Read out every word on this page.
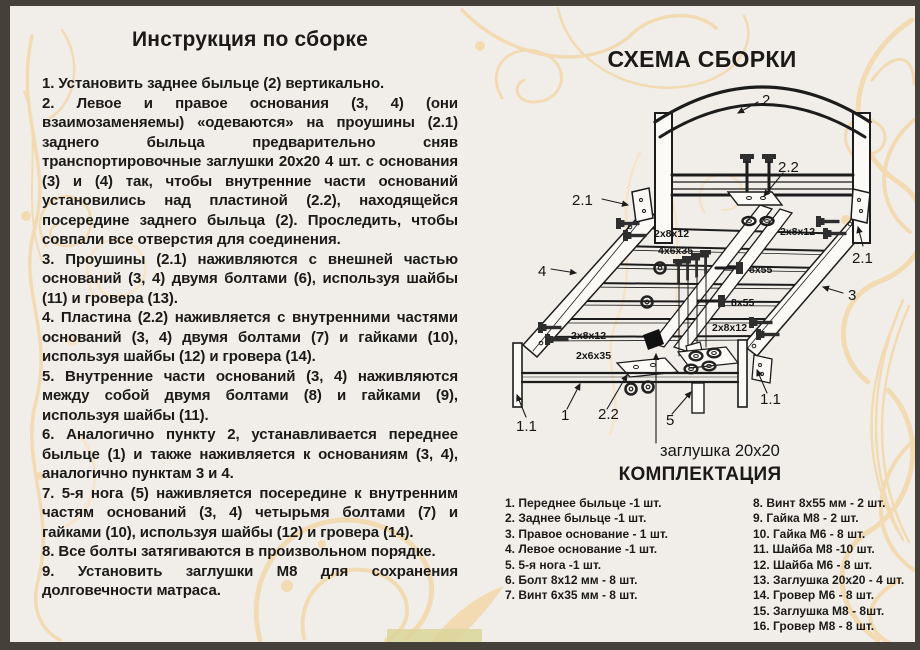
2
2.2
2.1
2.1
4
3
1.1
1 2.2	5
1.1
заглушка 20х20
2х8х12	2х8х12
4х6х35
8х55
8х55
2х8х12
2х8х12
2х6х35
Инструкция по сборке

1. Установить заднее быльце (2) вертикально.

2. Левое и правое основания (3, 4) (они взаимозаменяемы) «одеваются» на проушины (2.1) заднего быльца предварительно сняв транспортировочные заглушки 20х20 4 шт. с основания (3) и (4) так, чтобы внутренние части оснований установились над пластиной (2.2), находящейся посередине заднего быльца (2). Проследить, чтобы совпали все отверстия для соединения.

3. Проушины (2.1) наживляются с внешней частью оснований (3, 4) двумя болтами (6), используя шайбы (11) и гровера (13).

4. Пластина (2.2) наживляется с внутренними частями оснований (3, 4) двумя болтами (7) и гайками (10), используя шайбы (12) и гровера (14).

5. Внутренние части оснований (3, 4) наживляются между собой двумя болтами (8) и гайками (9), используя шайбы (11).

6. Аналогично пункту 2, устанавливается переднее быльце (1) и также наживляется к основаниям (3, 4), аналогично пунктам 3 и 4.

7. 5-я нога (5) наживляется посередине к внутренним частям оснований (3, 4) четырьмя болтами (7) и гайками (10), используя шайбы (12) и гровера (14).

8. Все болты затягиваются в произвольном порядке.

9. Установить заглушки М8 для сохранения долговечности матраса.

СХЕМА СБОРКИ
КОМПЛЕКТАЦИЯ
1. Переднее быльце -1 шт.
2. Заднее быльце -1 шт.
3. Правое основание - 1 шт.
4. Левое основание -1 шт.
5. 5-я нога -1 шт.
6. Болт 8х12 мм - 8 шт.
7. Винт 6х35 мм - 8 шт.
8. Винт 8х55 мм - 2 шт.
9. Гайка М8 - 2 шт.
10. Гайка М6 - 8 шт.
11. Шайба М8 -10 шт.
12. Шайба М6 - 8 шт.
13. Заглушка 20х20 - 4 шт.
14. Гровер М6 - 8 шт.
15. Заглушка М8 - 8шт.
16. Гровер М8 - 8 шт.
